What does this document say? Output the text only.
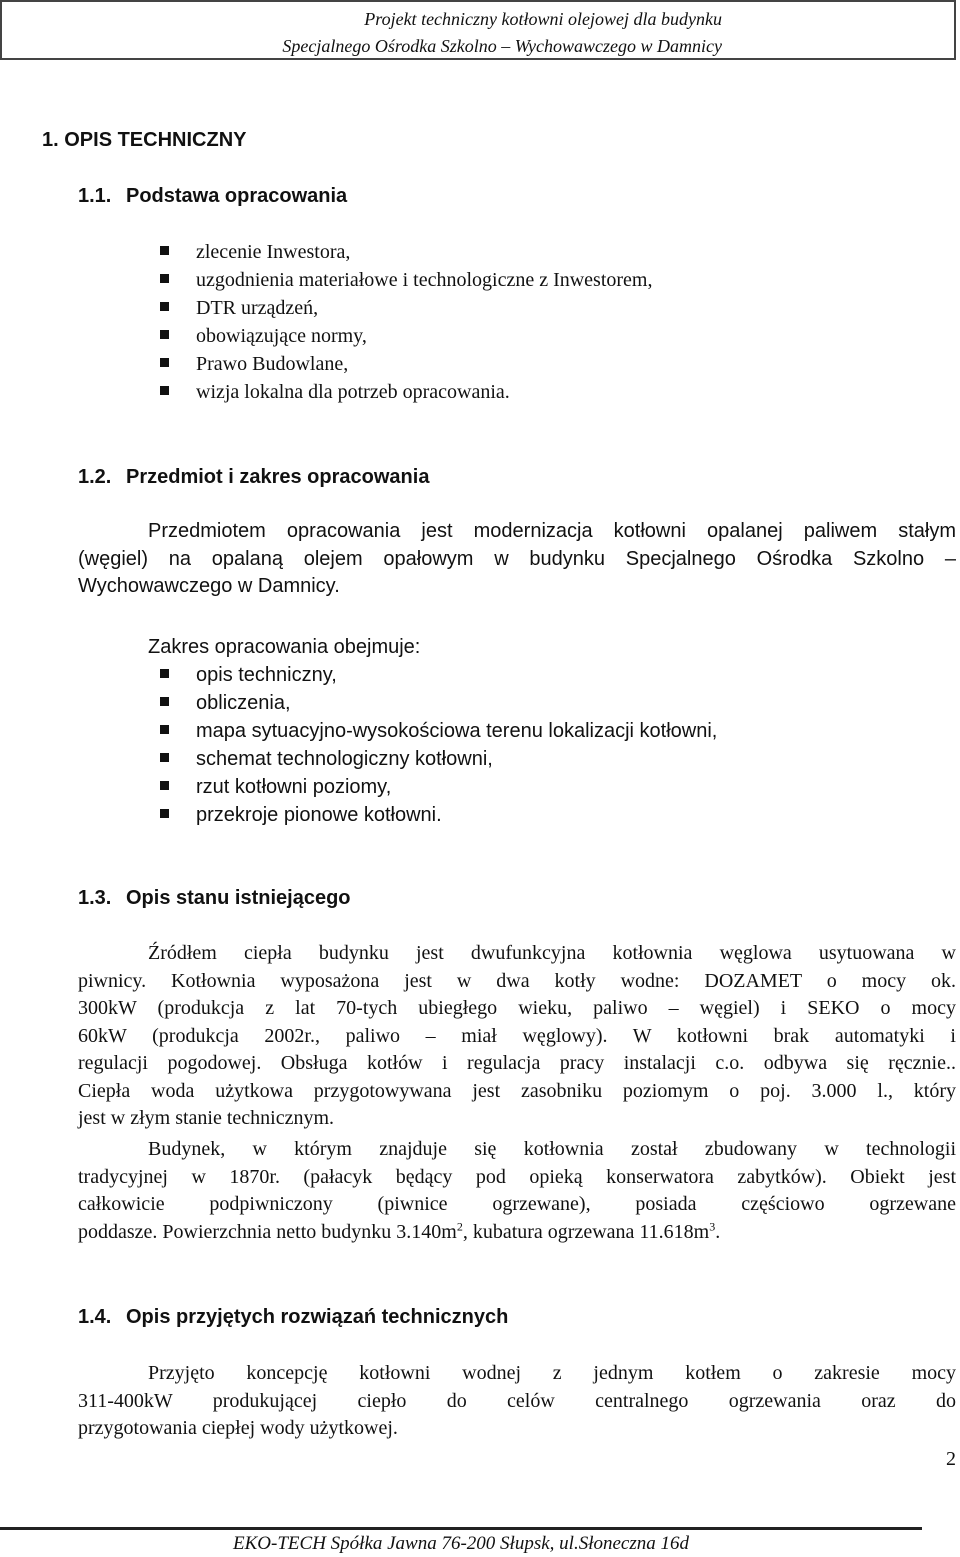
Projekt techniczny kotłowni olejowej dla budynku
Specjalnego Ośrodka Szkolno – Wychowawczego w Damnicy
1. OPIS TECHNICZNY
1.1. Podstawa opracowania
zlecenie Inwestora,
uzgodnienia materiałowe i technologiczne z Inwestorem,
DTR urządzeń,
obowiązujące normy,
Prawo Budowlane,
wizja lokalna dla potrzeb opracowania.
1.2. Przedmiot i zakres opracowania
Przedmiotem opracowania jest modernizacja kotłowni opalanej paliwem stałym
(węgiel) na opalaną olejem opałowym w budynku Specjalnego Ośrodka Szkolno –
Wychowawczego w Damnicy.
Zakres opracowania obejmuje:
opis techniczny,
obliczenia,
mapa sytuacyjno-wysokościowa terenu lokalizacji kotłowni,
schemat technologiczny kotłowni,
rzut kotłowni poziomy,
przekroje pionowe kotłowni.
1.3. Opis stanu istniejącego
Źródłem ciepła budynku jest dwufunkcyjna kotłownia węglowa usytuowana w
piwnicy. Kotłownia wyposażona jest w dwa kotły wodne: DOZAMET o mocy ok.
300kW (produkcja z lat 70-tych ubiegłego wieku, paliwo – węgiel) i SEKO o mocy
60kW (produkcja 2002r., paliwo – miał węglowy). W kotłowni brak automatyki i
regulacji pogodowej. Obsługa kotłów i regulacja pracy instalacji c.o. odbywa się ręcznie..
Ciepła woda użytkowa przygotowywana jest zasobniku poziomym o poj. 3.000 l., który
jest w złym stanie technicznym.
Budynek, w którym znajduje się kotłownia został zbudowany w technologii
tradycyjnej w 1870r. (pałacyk będący pod opieką konserwatora zabytków). Obiekt jest
całkowicie podpiwniczony (piwnice ogrzewane), posiada częściowo ogrzewane
poddasze. Powierzchnia netto budynku $3.140m^2$, kubatura ogrzewana $11.618m^3$.
1.4. Opis przyjętych rozwiązań technicznych
Przyjęto koncepcję kotłowni wodnej z jednym kotłem o zakresie mocy
311-400kW produkującej ciepło do celów centralnego ogrzewania oraz do
przygotowania ciepłej wody użytkowej.
2
EKO-TECH Spółka Jawna 76-200 Słupsk, ul.Słoneczna 16d
